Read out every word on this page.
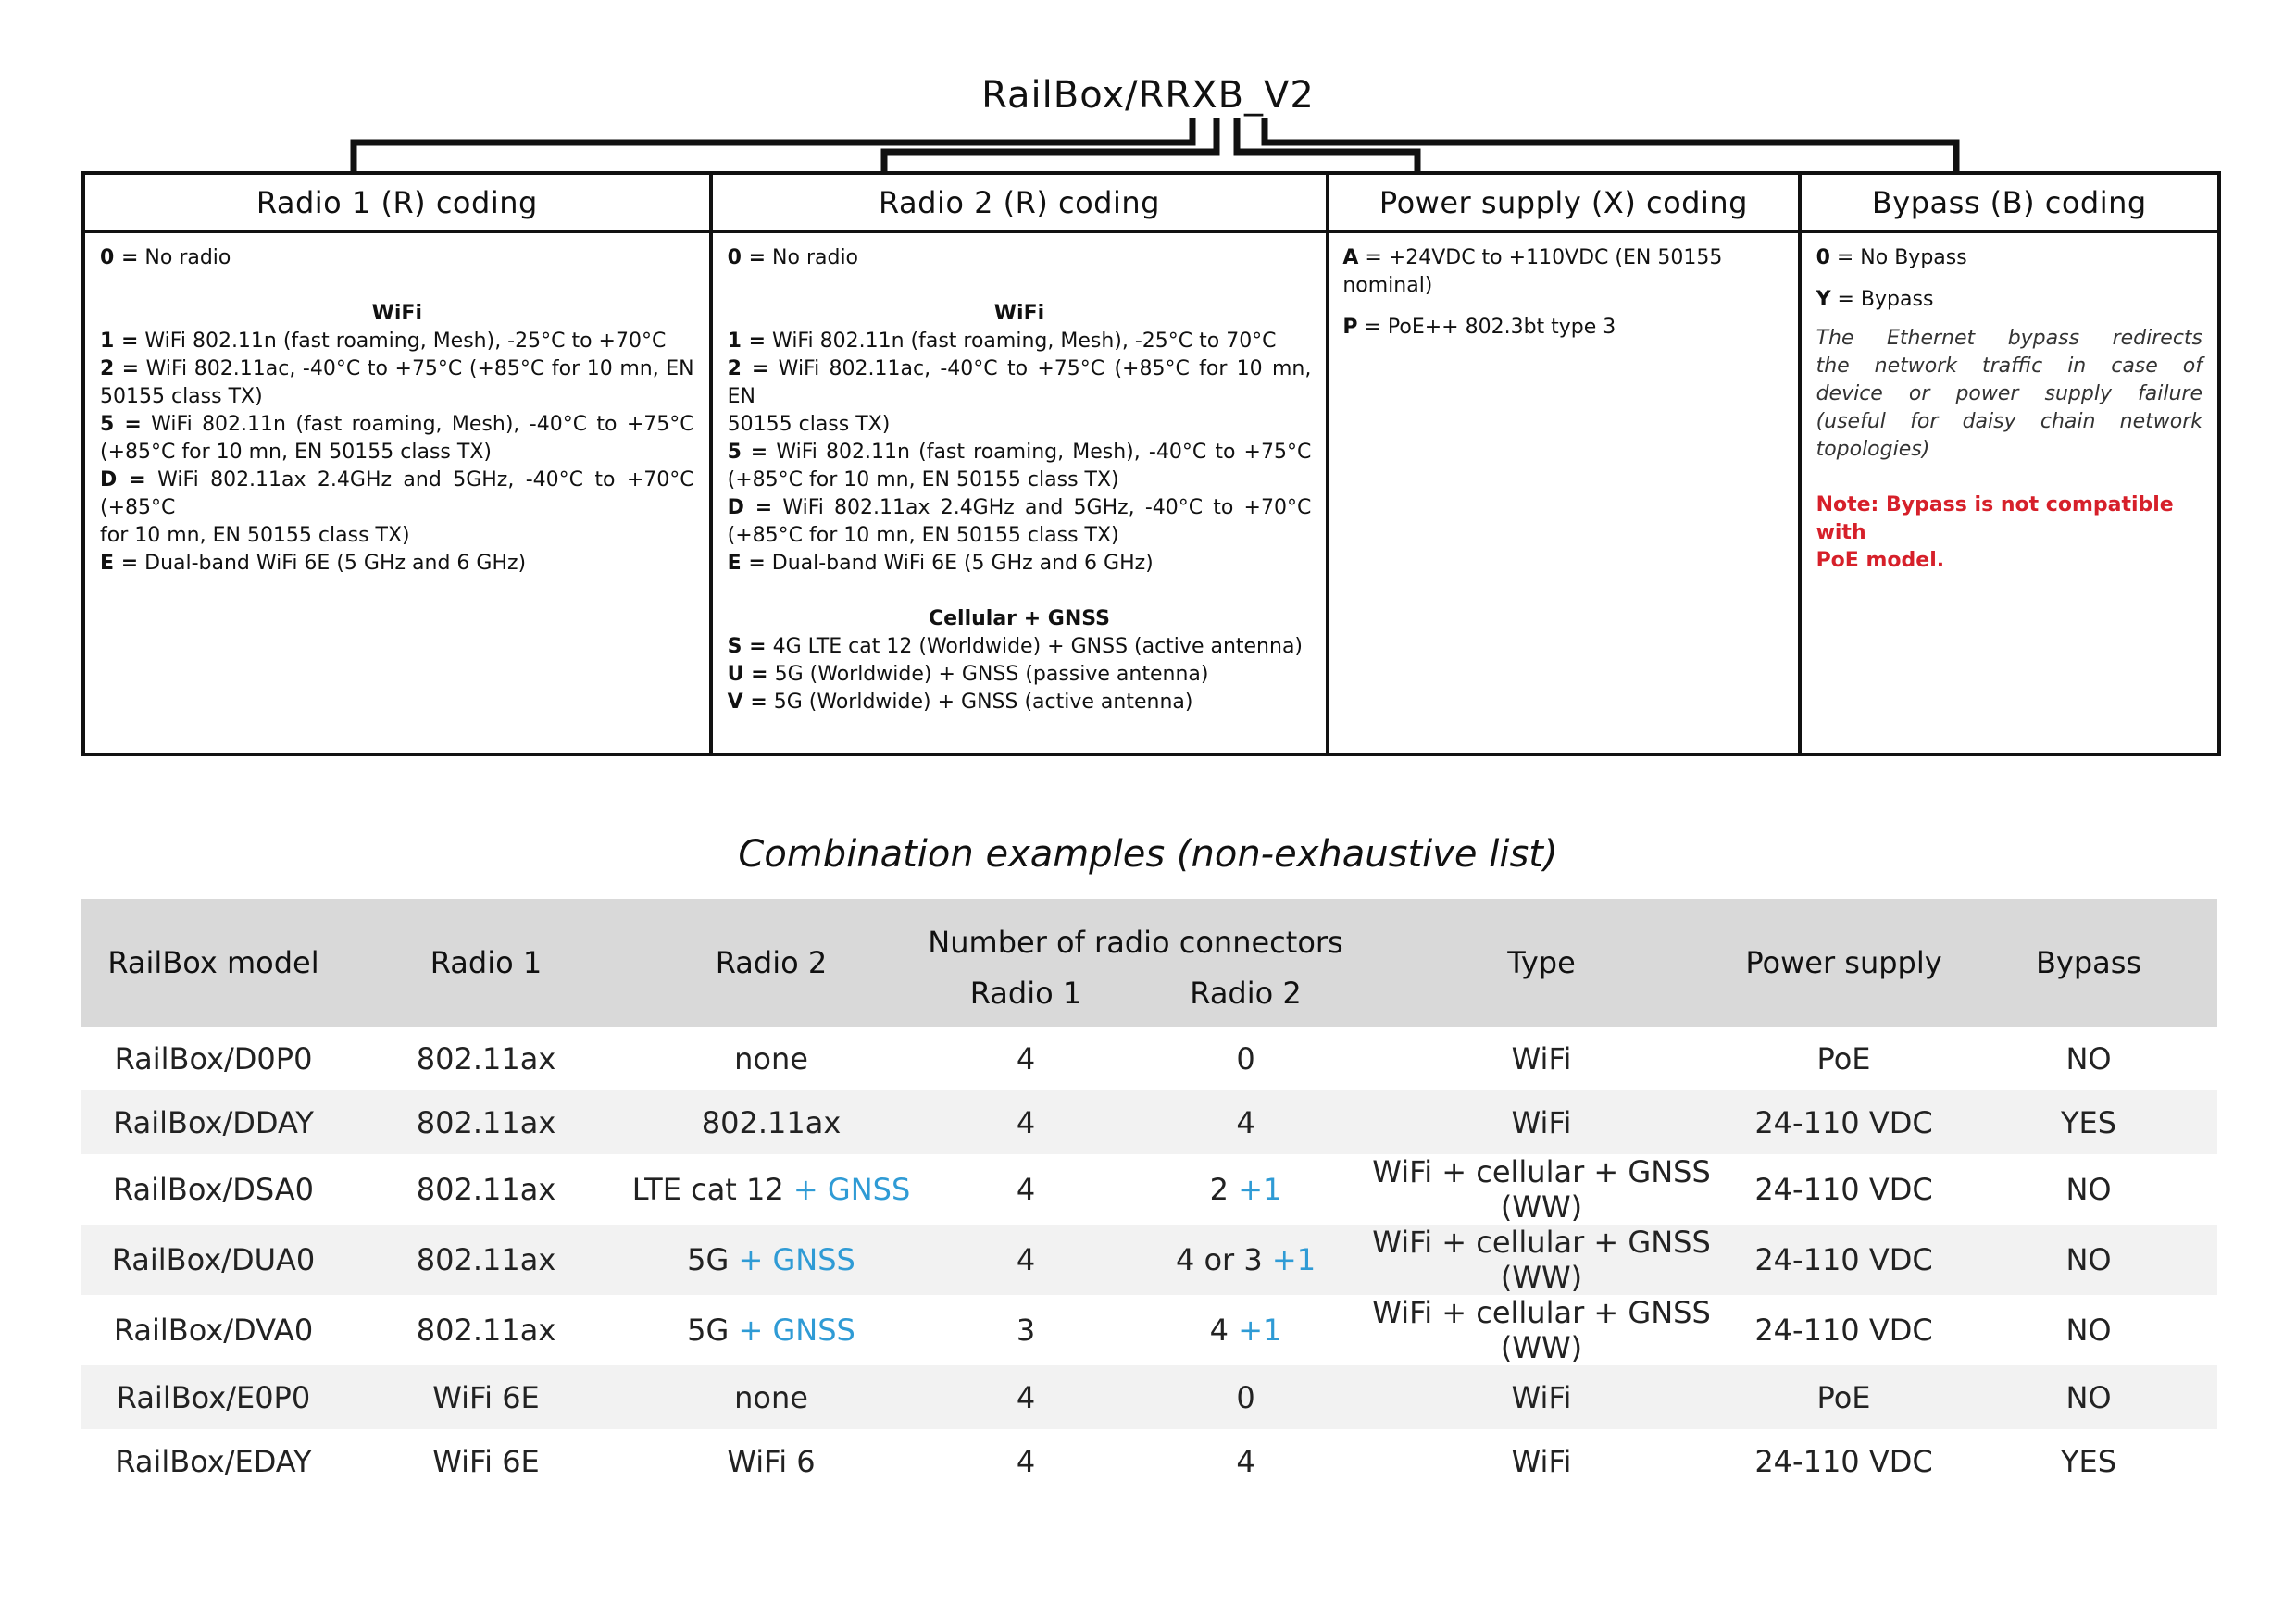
RailBox/RRXB_V2
Radio 1 (R) coding
0 = No radio
WiFi
1 = WiFi 802.11n (fast roaming, Mesh), -25°C to +70°C
2 = WiFi 802.11ac, -40°C to +75°C (+85°C for 10 mn, EN
50155 class TX)
5 = WiFi 802.11n (fast roaming, Mesh), -40°C to +75°C
(+85°C for 10 mn, EN 50155 class TX)
D = WiFi 802.11ax 2.4GHz and 5GHz, -40°C to +70°C (+85°C
for 10 mn, EN 50155 class TX)
E = Dual-band WiFi 6E (5 GHz and 6 GHz)
Radio 2 (R) coding
0 = No radio
WiFi
1 = WiFi 802.11n (fast roaming, Mesh), -25°C to 70°C
2 = WiFi 802.11ac, -40°C to +75°C (+85°C for 10 mn, EN
50155 class TX)
5 = WiFi 802.11n (fast roaming, Mesh), -40°C to +75°C
(+85°C for 10 mn, EN 50155 class TX)
D = WiFi 802.11ax 2.4GHz and 5GHz, -40°C to +70°C
(+85°C for 10 mn, EN 50155 class TX)
E = Dual-band WiFi 6E (5 GHz and 6 GHz)
Cellular + GNSS
S = 4G LTE cat 12 (Worldwide) + GNSS (active antenna)
U = 5G (Worldwide) + GNSS (passive antenna)
V = 5G (Worldwide) + GNSS (active antenna)
Power supply (X) coding
A = +24VDC to +110VDC (EN 50155 nominal)
P = PoE++ 802.3bt type 3
Bypass (B) coding
0 = No Bypass
Y = Bypass
The Ethernet bypass redirects
the network traffic in case of
device or power supply failure
(useful for daisy chain network
topologies)
Note: Bypass is not compatible with
PoE model.
Combination examples (non-exhaustive list)
RailBox model	Radio 1	Radio 2	Number of radio connectors		Type	Power supply	Bypass
			Radio 1	Radio 2			
RailBox/D0P0	802.11ax	none	4	0	WiFi	PoE	NO
RailBox/DDAY	802.11ax	802.11ax	4	4	WiFi	24-110 VDC	YES
RailBox/DSA0	802.11ax	LTE cat 12 + GNSS	4	2 +1	WiFi + cellular + GNSS (WW)	24-110 VDC	NO
RailBox/DUA0	802.11ax	5G + GNSS	4	4 or 3 +1	WiFi + cellular + GNSS (WW)	24-110 VDC	NO
RailBox/DVA0	802.11ax	5G + GNSS	3	4 +1	WiFi + cellular + GNSS (WW)	24-110 VDC	NO
RailBox/E0P0	WiFi 6E	none	4	0	WiFi	PoE	NO
RailBox/EDAY	WiFi 6E	WiFi 6	4	4	WiFi	24-110 VDC	YES
